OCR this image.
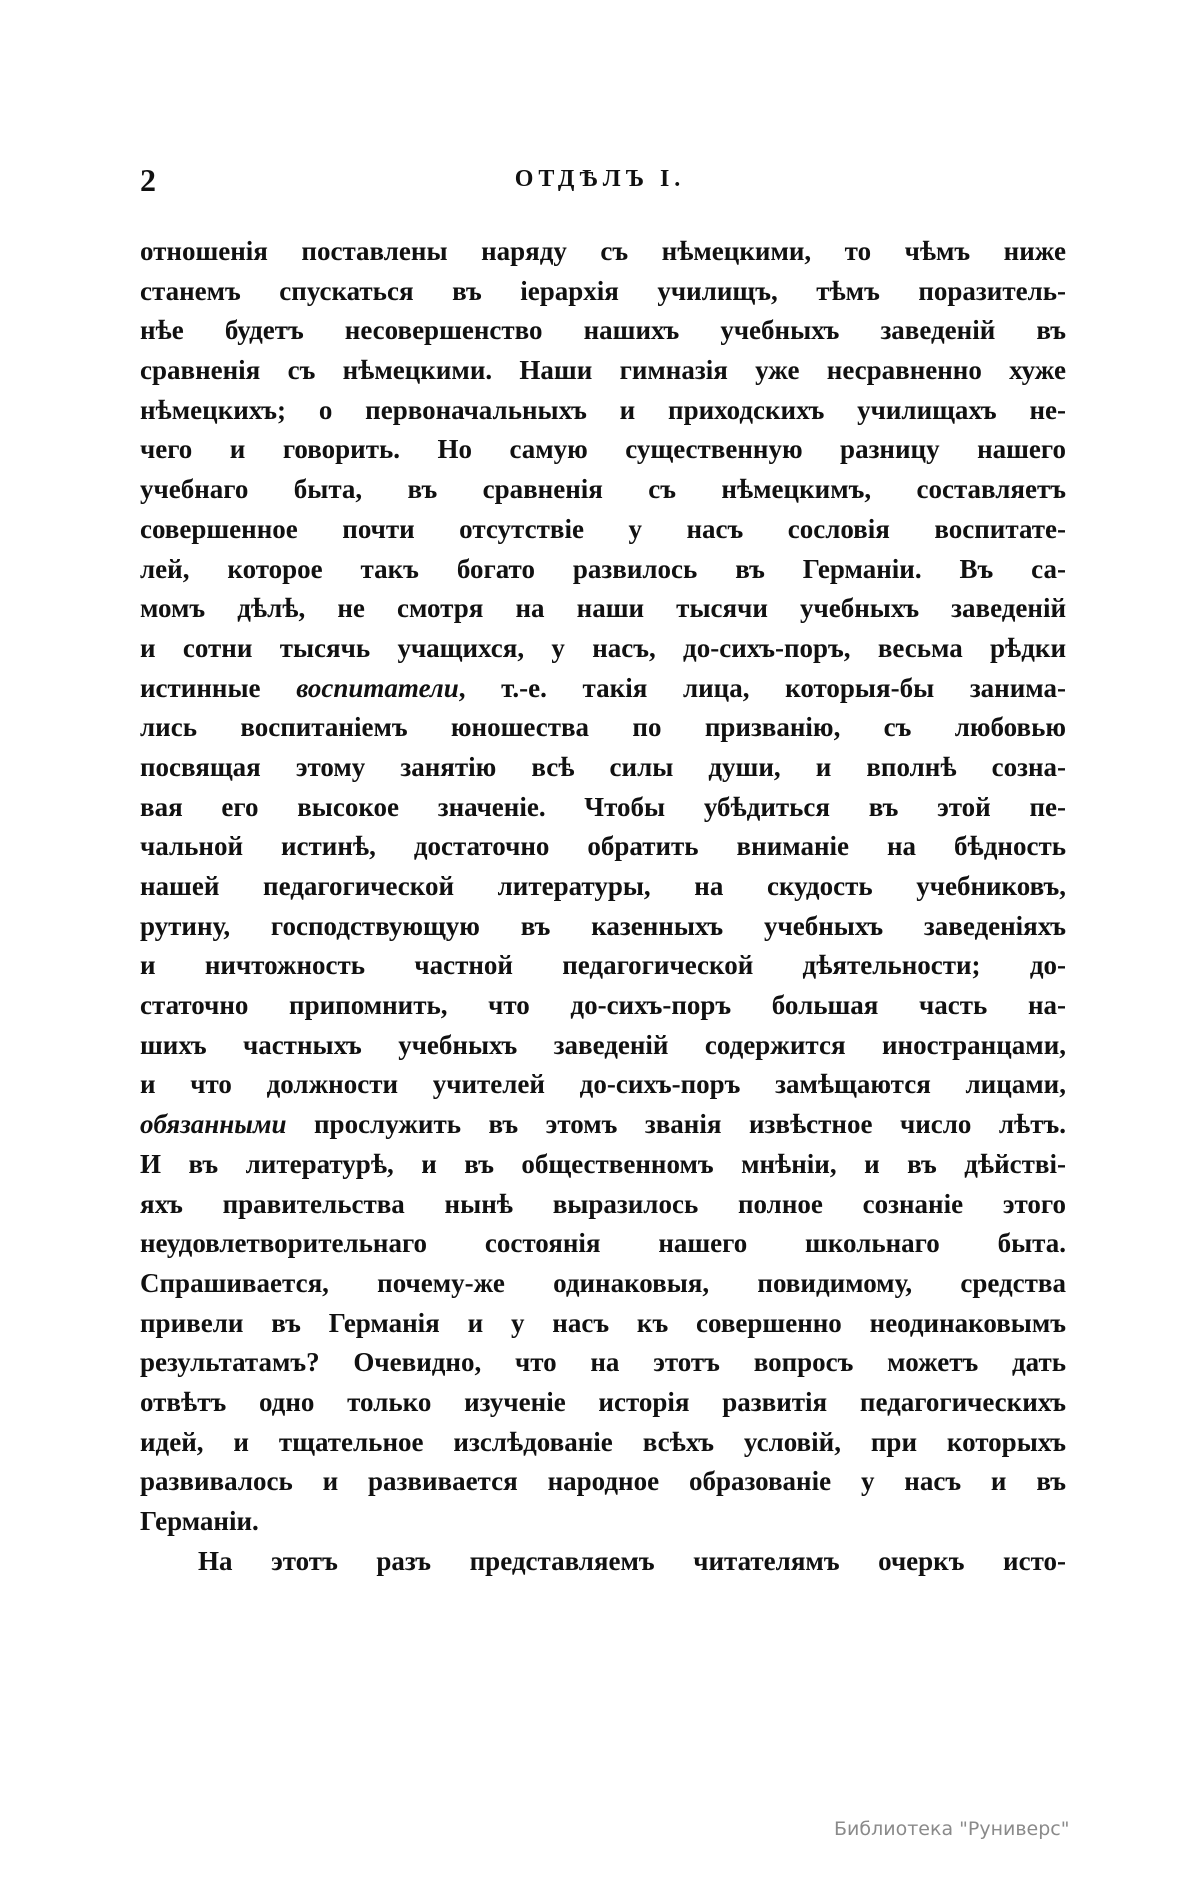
2	ОТДѢЛЪ I.
отношенія поставлены наряду съ нѣмецкими, то чѣмъ ниже
станемъ спускаться въ іерархія училищъ, тѣмъ поразитель-
нѣе будетъ несовершенство нашихъ учебныхъ заведеній въ
сравненія съ нѣмецкими. Наши гимназія уже несравненно хуже
нѣмецкихъ; о первоначальныхъ и приходскихъ училищахъ не-
чего и говорить. Но самую существенную разницу нашего
учебнаго быта, въ сравненія съ нѣмецкимъ, составляетъ
совершенное почти отсутствіе у насъ сословія воспитате-
лей, которое такъ богато развилось въ Германіи. Въ са-
момъ дѣлѣ, не смотря на наши тысячи учебныхъ заведеній
и сотни тысячь учащихся, у насъ, до-сихъ-поръ, весьма рѣдки
истинные воспитатели, т.-е. такія лица, которыя-бы занима-
лись воспитаніемъ юношества по призванію, съ любовью
посвящая этому занятію всѣ силы души, и вполнѣ созна-
вая его высокое значеніе. Чтобы убѣдиться въ этой пе-
чальной истинѣ, достаточно обратить вниманіе на бѣдность
нашей педагогической литературы, на скудость учебниковъ,
рутину, господствующую въ казенныхъ учебныхъ заведеніяхъ
и ничтожность частной педагогической дѣятельности; до-
статочно припомнить, что до-сихъ-поръ большая часть на-
шихъ частныхъ учебныхъ заведеній содержится иностранцами,
и что должности учителей до-сихъ-поръ замѣщаются лицами,
обязанными прослужить въ этомъ званія извѣстное число лѣтъ.
И въ литературѣ, и въ общественномъ мнѣніи, и въ дѣйствi-
яхъ правительства нынѣ выразилось полное сознаніе этого
неудовлетворительнаго состоянія нашего школьнаго быта.
Спрашивается, почему-же одинаковыя, повидимому, средства
привели въ Германія и у насъ къ совершенно неодинаковымъ
результатамъ? Очевидно, что на этотъ вопросъ можетъ дать
отвѣтъ одно только изученіе исторія развитія педагогическихъ
идей, и тщательное изслѣдованіе всѣхъ условій, при которыхъ
развивалось и развивается народное образованіе у насъ и въ
Германіи.
На этотъ разъ представляемъ читателямъ очеркъ исто-
Библиотека "Руниверс"
